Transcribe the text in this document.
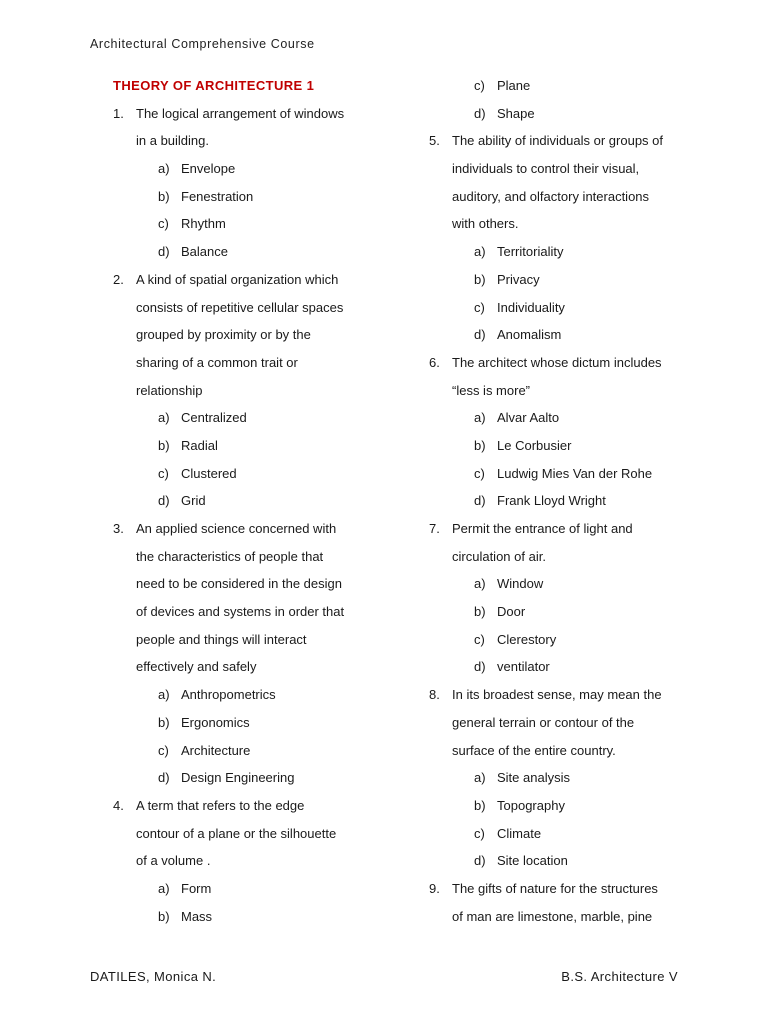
Architectural Comprehensive Course
THEORY OF ARCHITECTURE 1
1. The logical arrangement of windows
in a building.
a) Envelope
b) Fenestration
c) Rhythm
d) Balance
2. A kind of spatial organization which
consists of repetitive cellular spaces
grouped by proximity or by the
sharing of a common trait or
relationship
a) Centralized
b) Radial
c) Clustered
d) Grid
3. An applied science concerned with
the characteristics of people that
need to be considered in the design
of devices and systems in order that
people and things will interact
effectively and safely
a) Anthropometrics
b) Ergonomics
c) Architecture
d) Design Engineering
4. A term that refers to the edge
contour of a plane or the silhouette
of a volume .
a) Form
b) Mass
c) Plane
d) Shape
5. The ability of individuals or groups of
individuals to control their visual,
auditory, and olfactory interactions
with others.
a) Territoriality
b) Privacy
c) Individuality
d) Anomalism
6. The architect whose dictum includes
“less is more”
a) Alvar Aalto
b) Le Corbusier
c) Ludwig Mies Van der Rohe
d) Frank Lloyd Wright
7. Permit the entrance of light and
circulation of air.
a) Window
b) Door
c) Clerestory
d) ventilator
8. In its broadest sense, may mean the
general terrain or contour of the
surface of the entire country.
a) Site analysis
b) Topography
c) Climate
d) Site location
9. The gifts of nature for the structures
of man are limestone, marble, pine
DATILES, Monica N.	B.S. Architecture V
